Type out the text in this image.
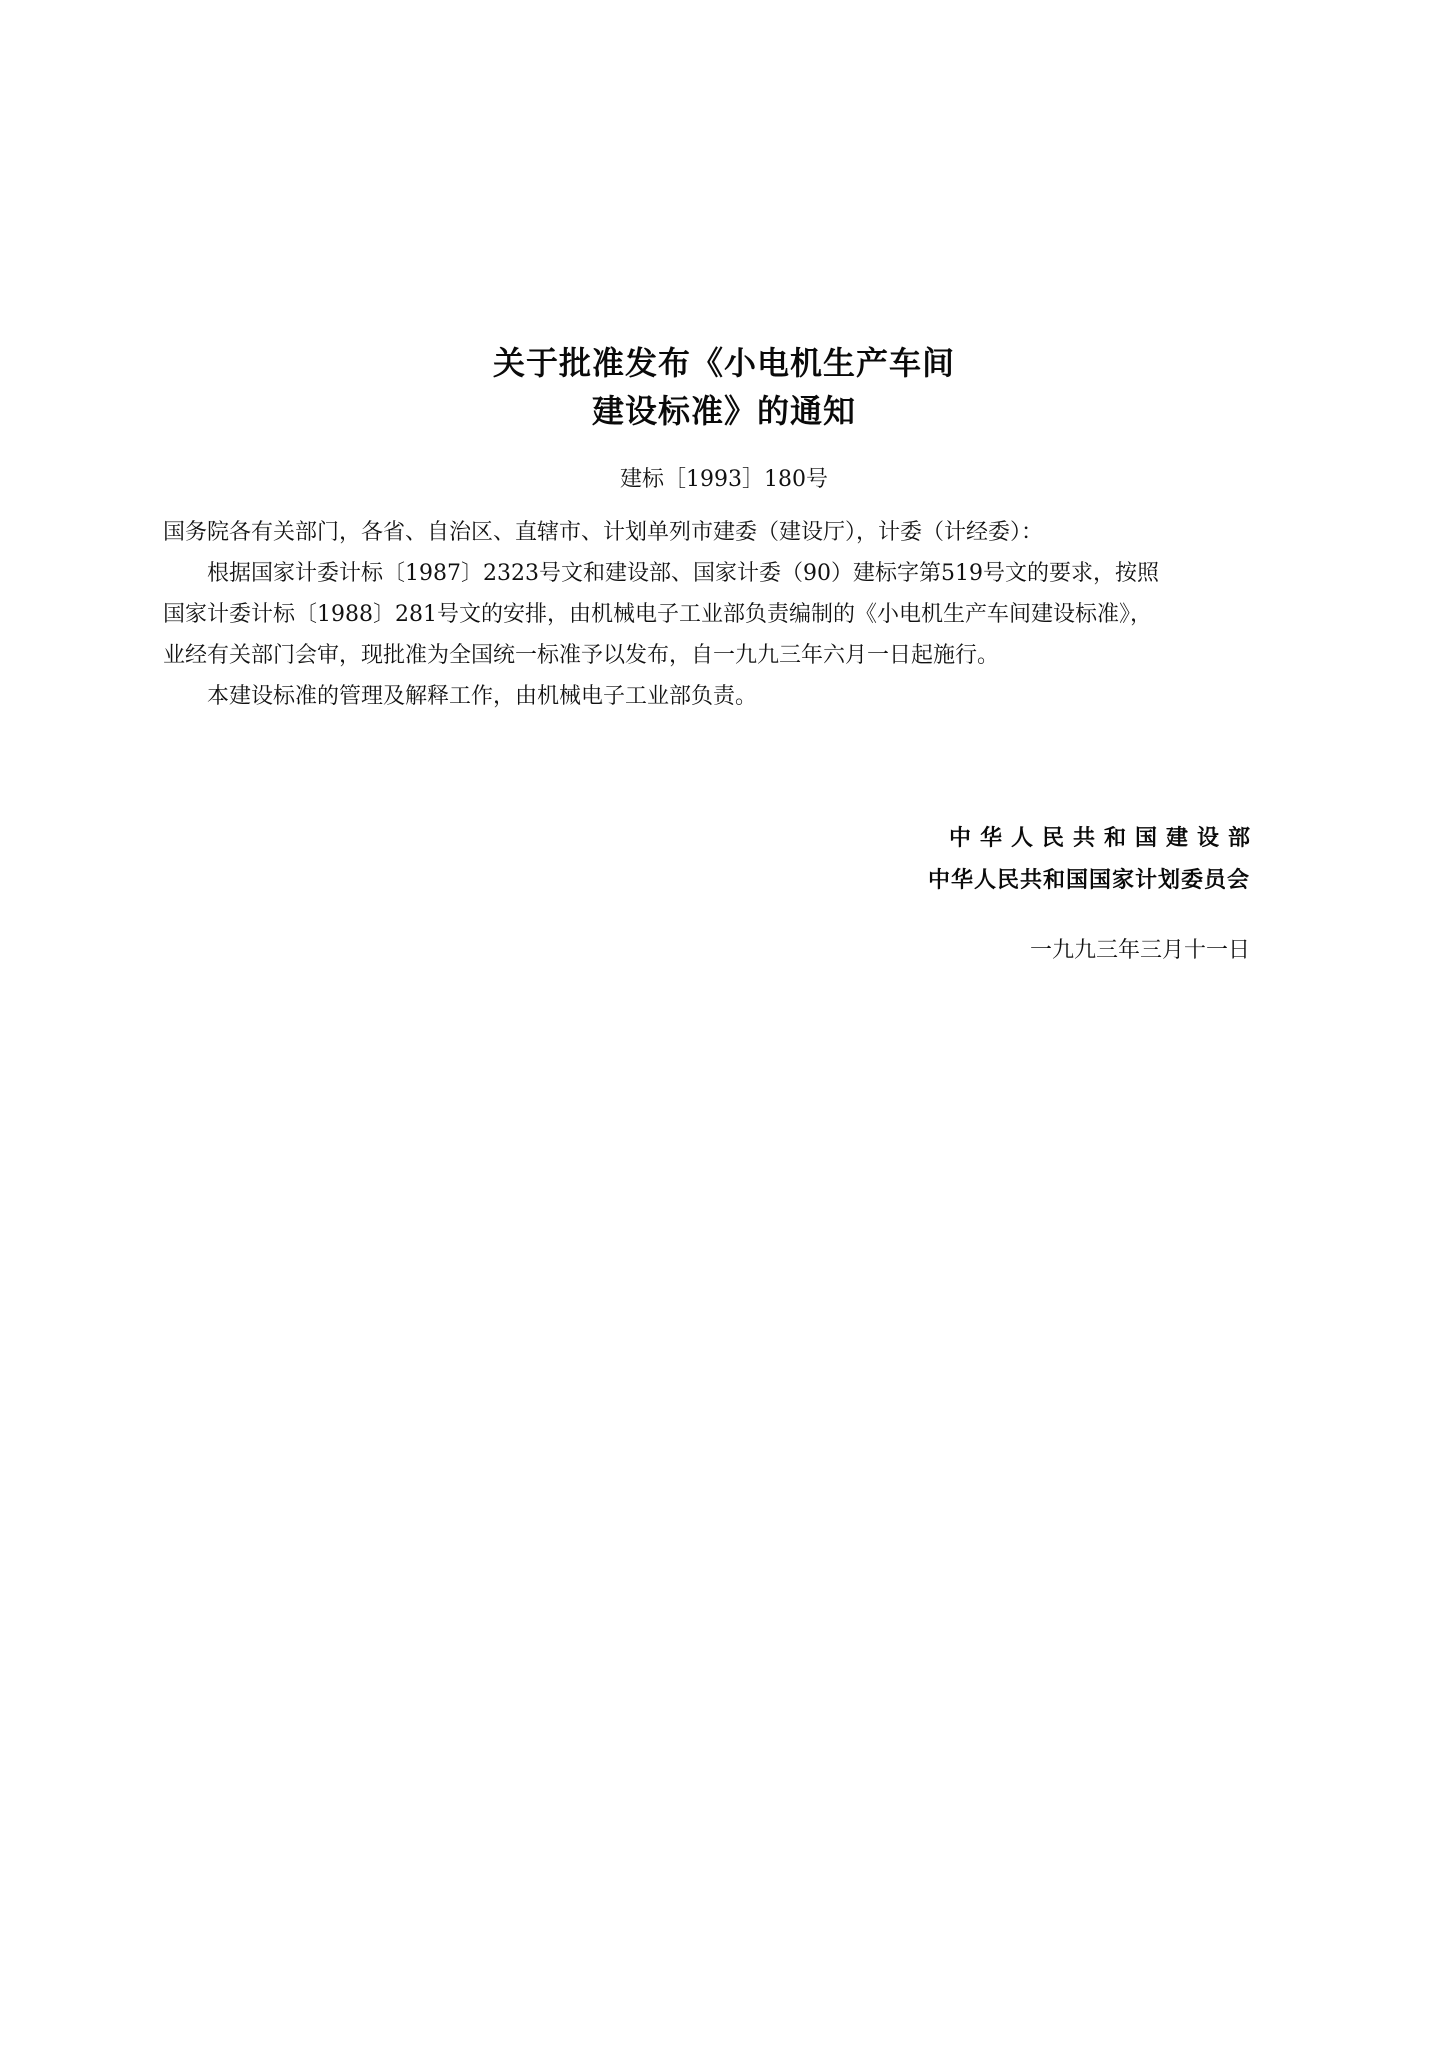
关于批准发布《小电机生产车间
建设标准》的通知
建标［1993］180号

国务院各有关部门，各省、自治区、直辖市、计划单列市建委（建设厅），计委（计经委）：

根据国家计委计标〔1987〕2323号文和建设部、国家计委（90）建标字第519号文的要求，按照

国家计委计标〔1988〕281号文的安排，由机械电子工业部负责编制的《小电机生产车间建设标准》，

业经有关部门会审，现批准为全国统一标准予以发布，自一九九三年六月一日起施行。

本建设标准的管理及解释工作，由机械电子工业部负责。

中华人民共和国建设部
中华人民共和国国家计划委员会
一九九三年三月十一日
